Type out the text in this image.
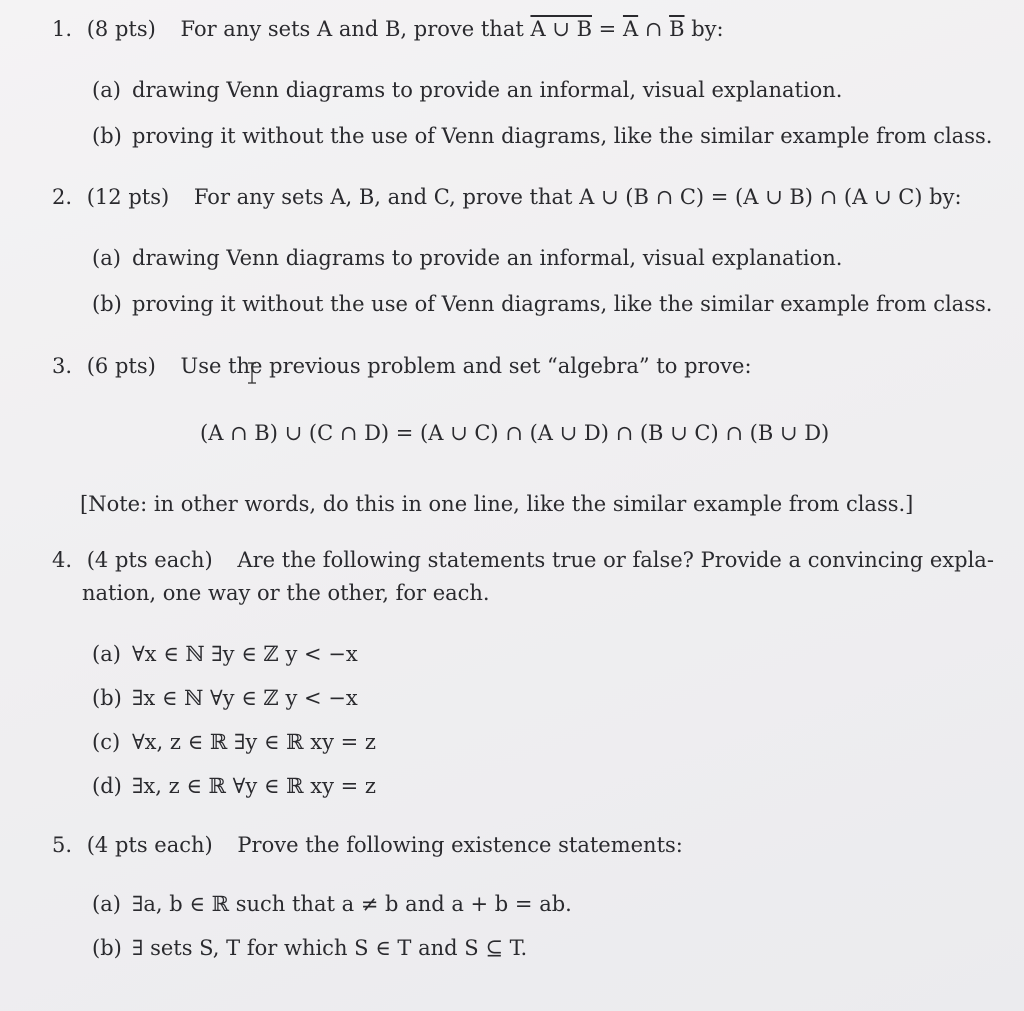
1. (8 pts) For any sets A and B, prove that A ∪ $B = \overline{A}$ ∩ $\overline{B}$ by:
(a) drawing Venn diagrams to provide an informal, visual explanation.
(b) proving it without the use of Venn diagrams, like the similar example from class.
2. (12 pts) For any sets A, B, and C, prove that A ∪ (B ∩ C) = (A ∪ B) ∩ (A ∪ C) by:
(a) drawing Venn diagrams to provide an informal, visual explanation.
(b) proving it without the use of Venn diagrams, like the similar example from class.
3. (6 pts) Use the previous problem and set “algebra” to prove:
(A ∩ B) ∪ (C ∩ D) = (A ∪ C) ∩ (A ∪ D) ∩ (B ∪ C) ∩ (B ∪ D)
[Note: in other words, do this in one line, like the similar example from class.]
4. (4 pts each) Are the following statements true or false? Provide a convincing expla-
nation, one way or the other, for each.
(a) ∀x ∈ ℕ ∃y ∈ ℤ y < −x
(b) ∃x ∈ ℕ ∀y ∈ ℤ y < −x
(c) ∀x, z ∈ ℝ ∃y ∈ ℝ xy = z
(d) ∃x, z ∈ ℝ ∀y ∈ ℝ xy = z
5. (4 pts each) Prove the following existence statements:
(a) ∃a, b ∈ ℝ such that a ≠ b and a + b = ab.
(b) ∃ sets S, T for which S ∈ T and S ⊆ T.
